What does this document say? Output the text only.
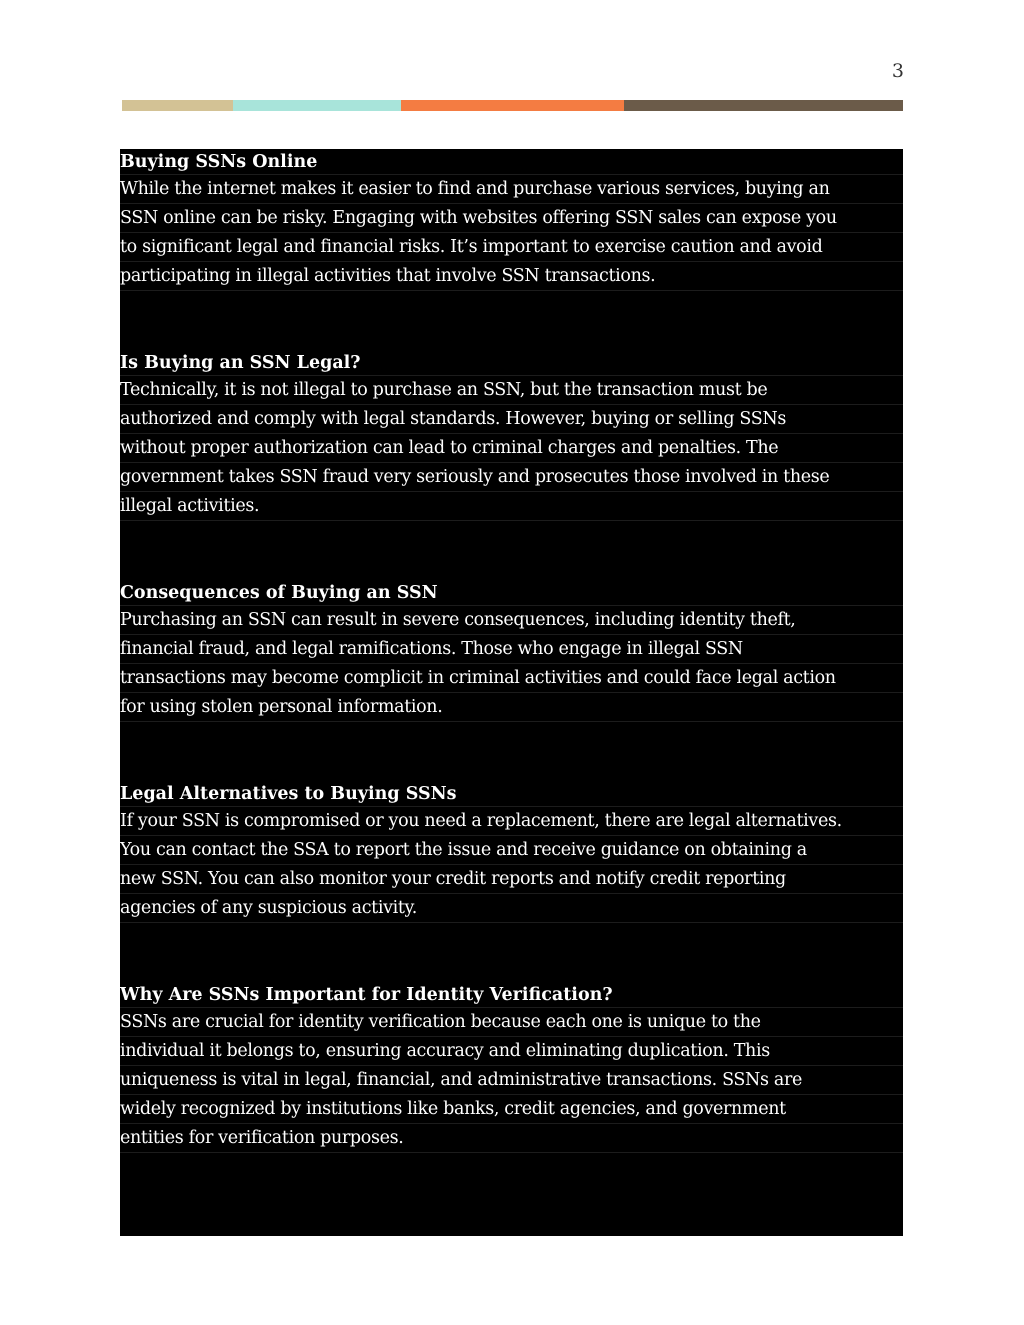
3
Buying SSNs Online
While the internet makes it easier to find and purchase various services, buying an
SSN online can be risky. Engaging with websites offering SSN sales can expose you
to significant legal and financial risks. It’s important to exercise caution and avoid
participating in illegal activities that involve SSN transactions.
Is Buying an SSN Legal?
Technically, it is not illegal to purchase an SSN, but the transaction must be
authorized and comply with legal standards. However, buying or selling SSNs
without proper authorization can lead to criminal charges and penalties. The
government takes SSN fraud very seriously and prosecutes those involved in these
illegal activities.
Consequences of Buying an SSN
Purchasing an SSN can result in severe consequences, including identity theft,
financial fraud, and legal ramifications. Those who engage in illegal SSN
transactions may become complicit in criminal activities and could face legal action
for using stolen personal information.
Legal Alternatives to Buying SSNs
If your SSN is compromised or you need a replacement, there are legal alternatives.
You can contact the SSA to report the issue and receive guidance on obtaining a
new SSN. You can also monitor your credit reports and notify credit reporting
agencies of any suspicious activity.
Why Are SSNs Important for Identity Verification?
SSNs are crucial for identity verification because each one is unique to the
individual it belongs to, ensuring accuracy and eliminating duplication. This
uniqueness is vital in legal, financial, and administrative transactions. SSNs are
widely recognized by institutions like banks, credit agencies, and government
entities for verification purposes.
